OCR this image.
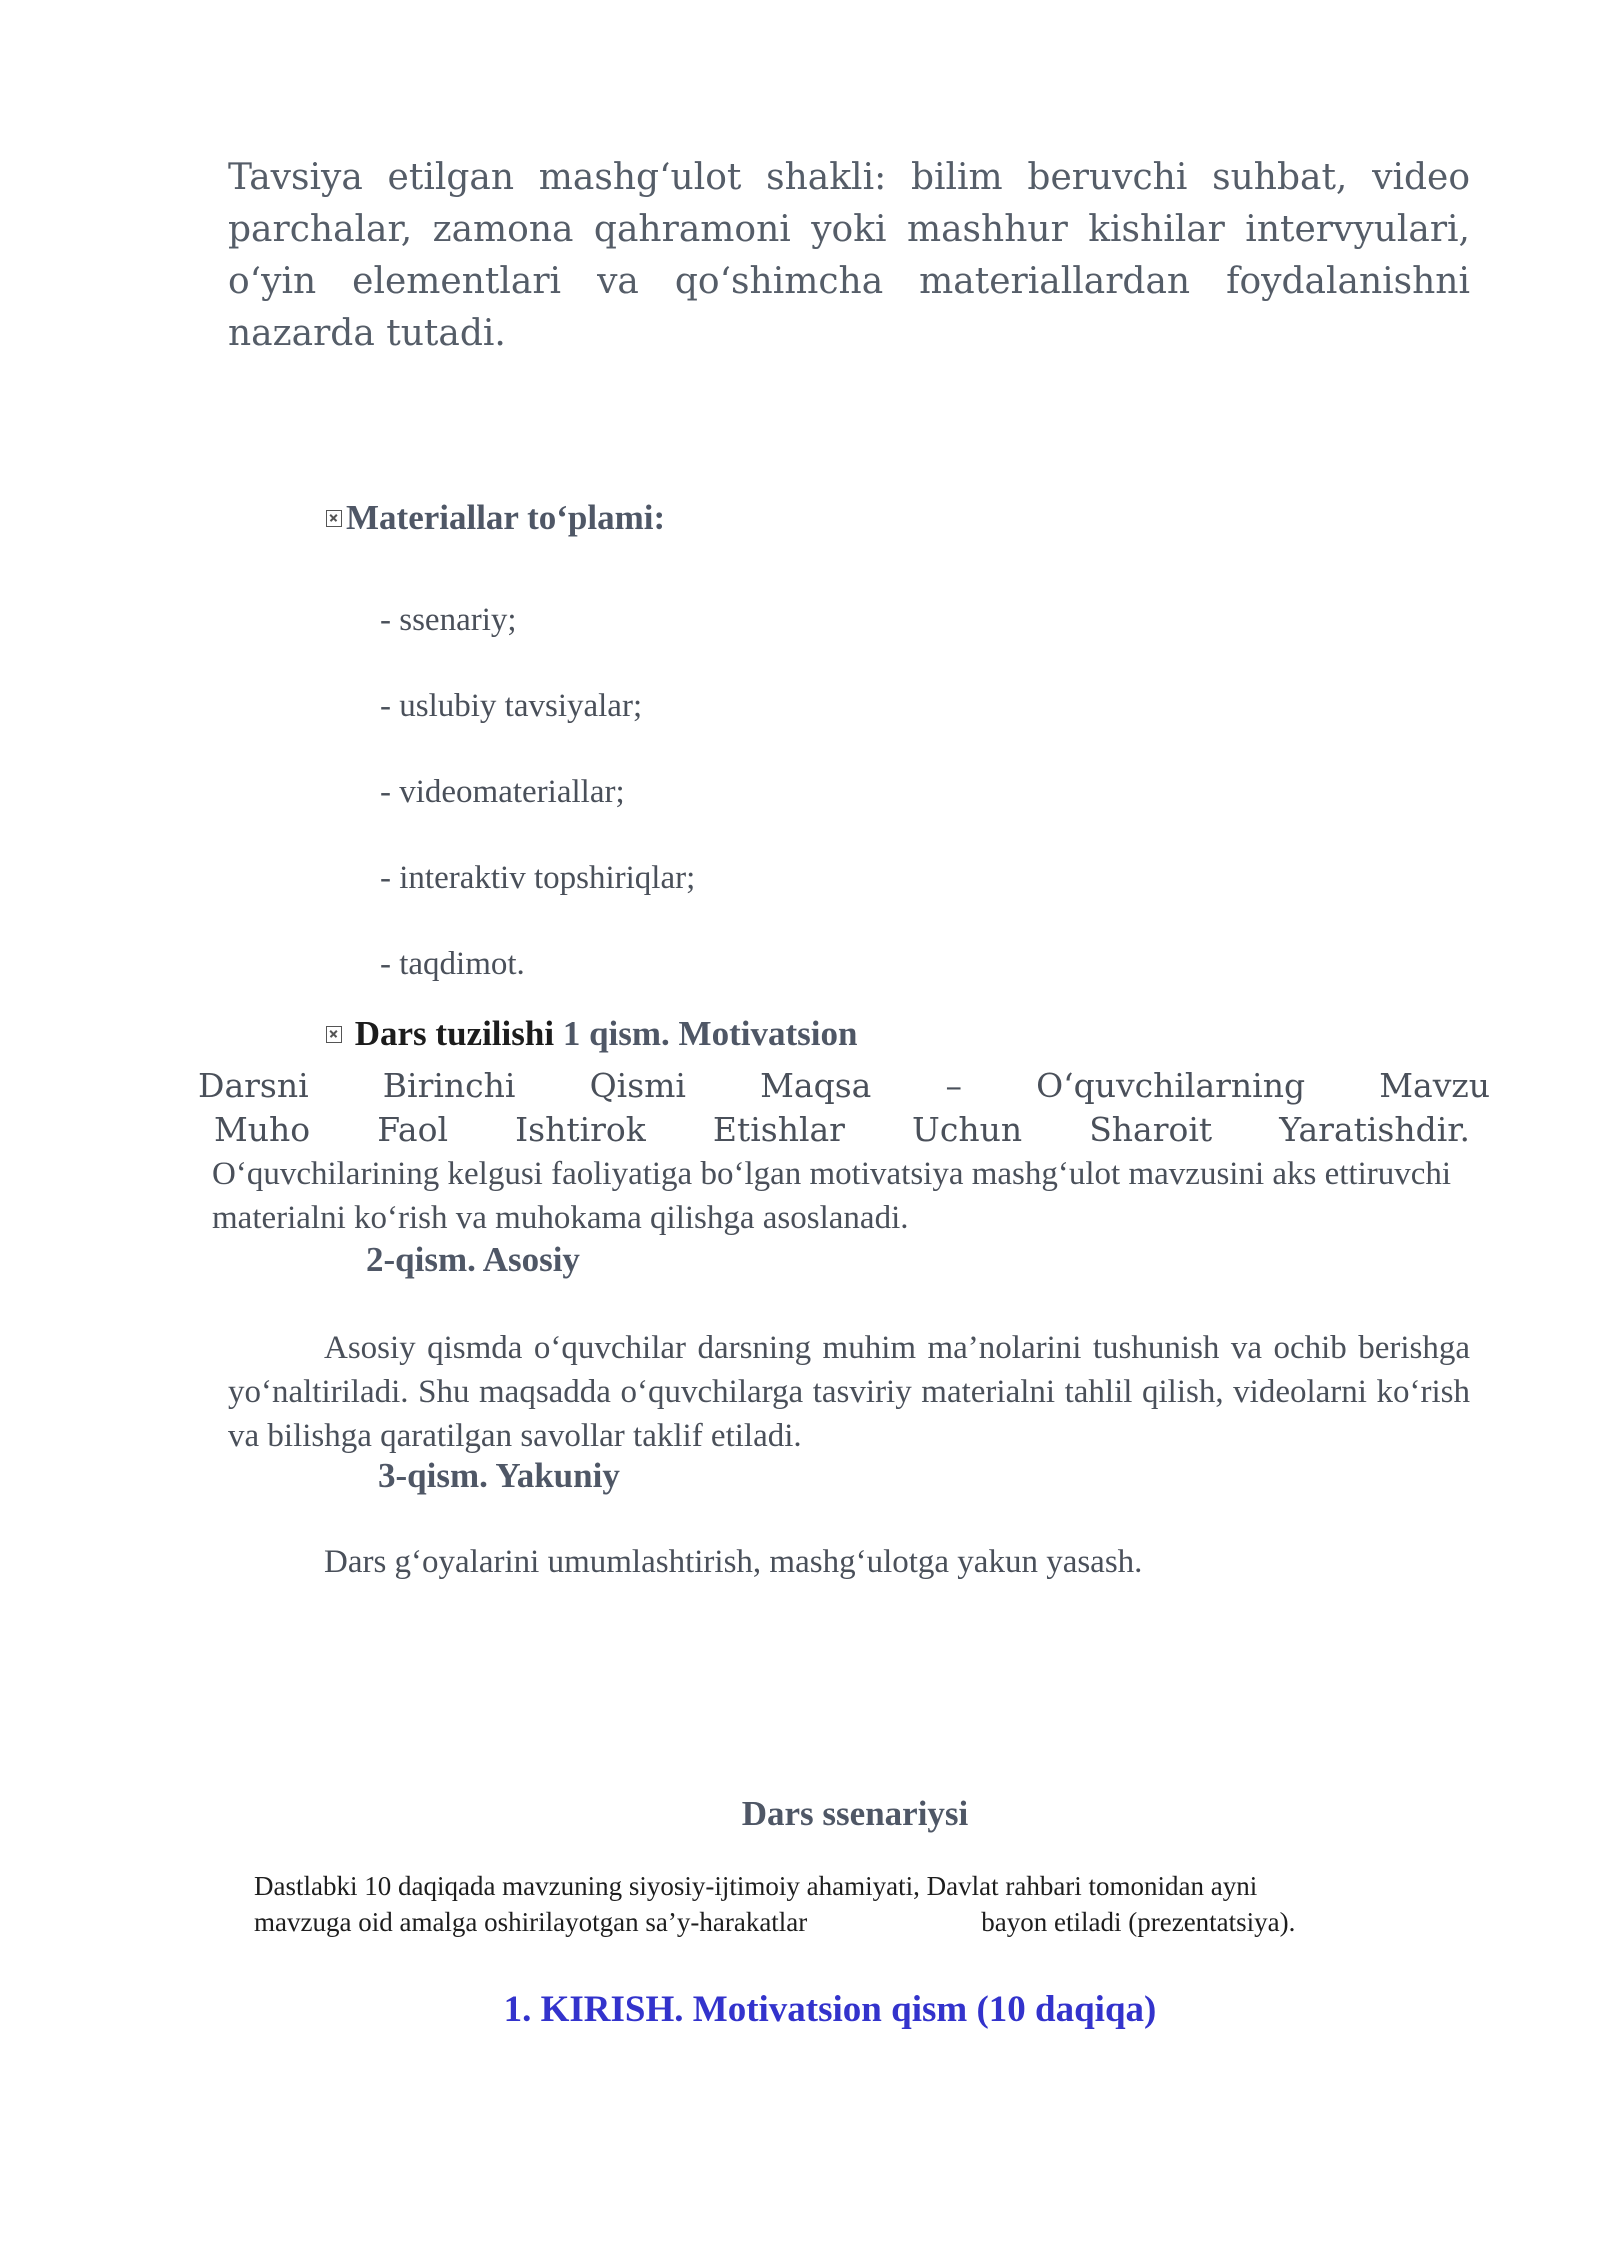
Tavsiya etilgan mashg‘ulot shakli: bilim beruvchi suhbat, video parchalar, zamona qahramoni yoki mashhur kishilar intervyulari, o‘yin elementlari va qo‘shimcha materiallardan foydalanishni nazarda tutadi.
Materiallar to‘plami:
- ssenariy;
- uslubiy tavsiyalar;
- videomateriallar;
- interaktiv topshiriqlar;
- taqdimot.
Dars tuzilishi 1 qism. Motivatsion
Darsni Birinchi Qismi Maqsa – O‘quvchilarning Mavzu
Muho Faol Ishtirok Etishlar Uchun Sharoit Yaratishdir.
O‘quvchilarining kelgusi faoliyatiga bo‘lgan motivatsiya mashg‘ulot mavzusini aks ettiruvchi materialni ko‘rish va muhokama qilishga asoslanadi.
2-qism. Asosiy
Asosiy qismda o‘quvchilar darsning muhim ma’nolarini tushunish va ochib berishga yo‘naltiriladi. Shu maqsadda o‘quvchilarga tasviriy materialni tahlil qilish, videolarni ko‘rish va bilishga qaratilgan savollar taklif etiladi.
3-qism. Yakuniy
Dars g‘oyalarini umumlashtirish, mashg‘ulotga yakun yasash.
Dars ssenariysi
Dastlabki 10 daqiqada mavzuning siyosiy-ijtimoiy ahamiyati, Davlat rahbari tomonidan ayni
mavzuga oid amalga oshirilayotgan sa’y-harakatlar	bayon etiladi (prezentatsiya).
1. KIRISH. Motivatsion qism (10 daqiqa)
